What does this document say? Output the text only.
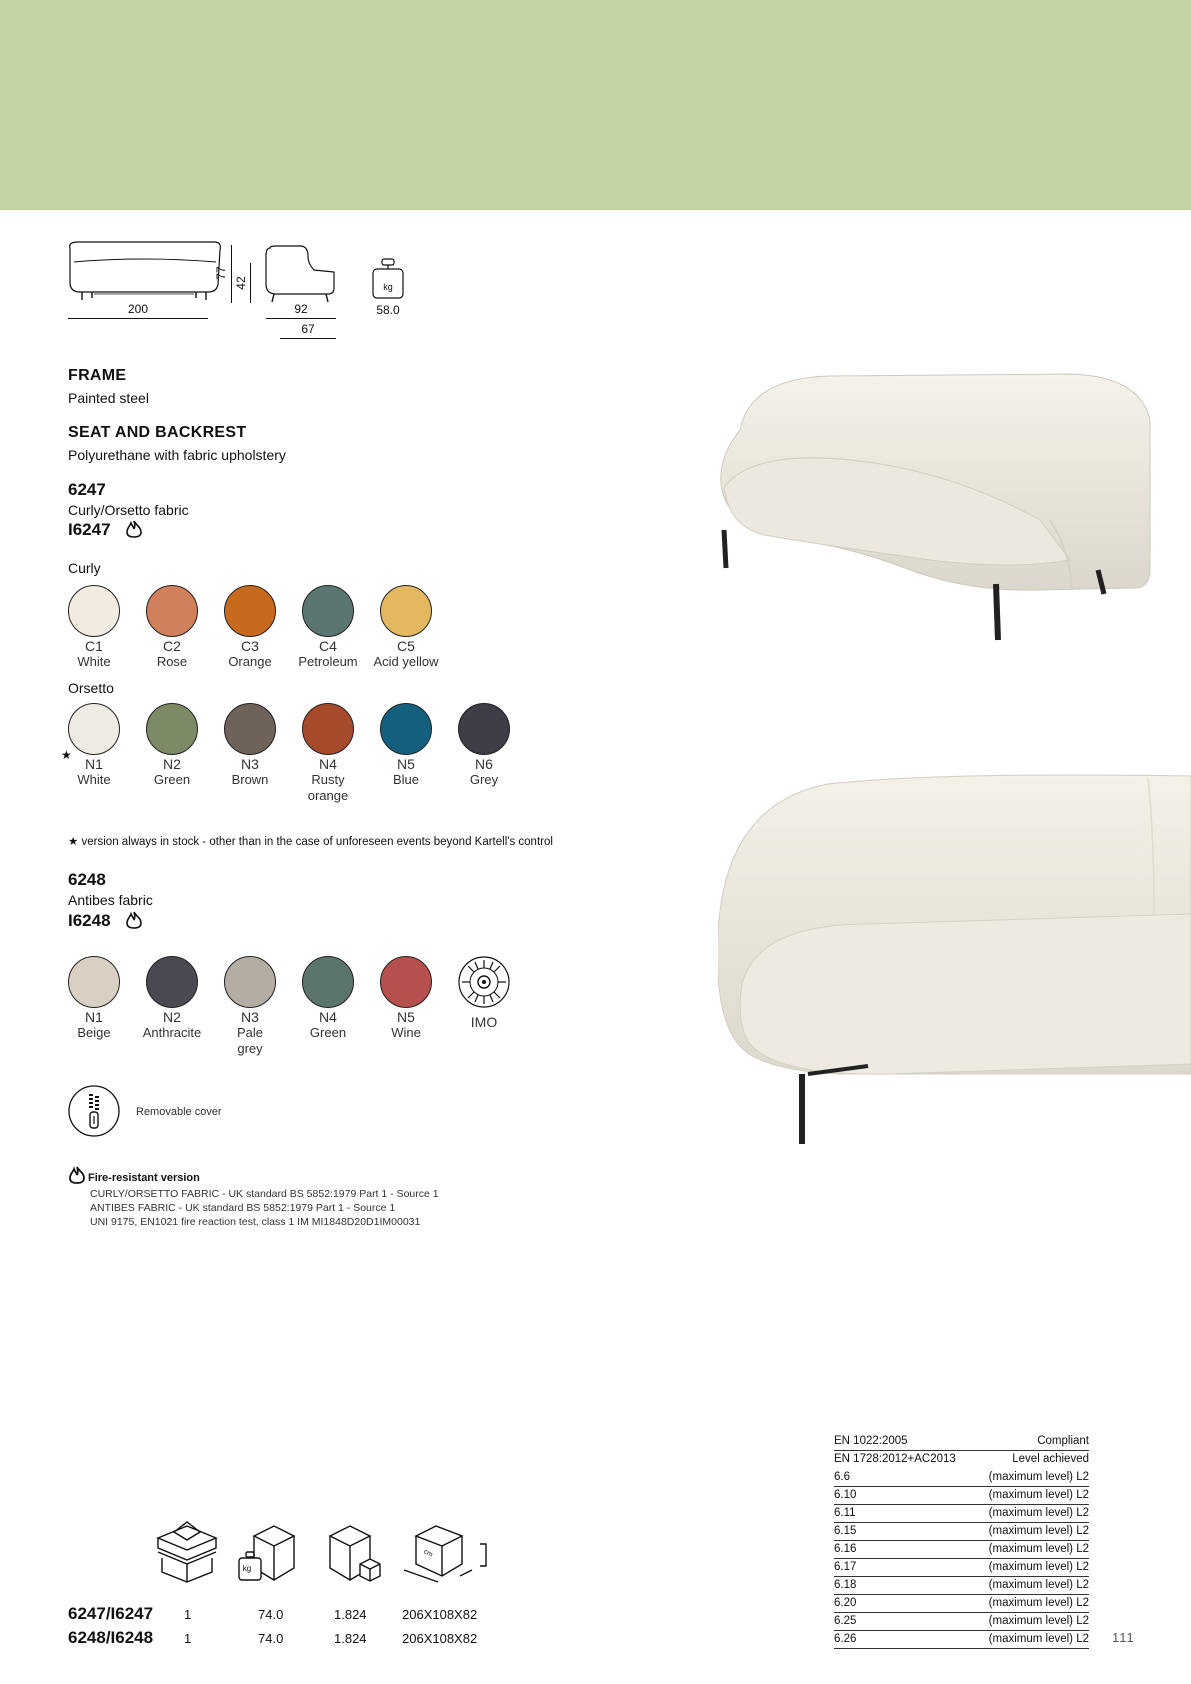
200
77
42
92
67
kg
58.0
FRAME
Painted steel
SEAT AND BACKREST
Polyurethane with fabric upholstery
6247
Curly/Orsetto fabric
I6247
Curly
C1
White
C2
Rose
C3
Orange
C4
Petroleum
C5
Acid yellow
Orsetto
★
N1
White
N2
Green
N3
Brown
N4
Rusty
orange
N5
Blue
N6
Grey
★ version always in stock - other than in the case of unforeseen events beyond Kartell's control
6248
Antibes fabric
I6248
N1
Beige
N2
Anthracite
N3
Pale
grey
N4
Green
N5
Wine
IMO
Removable cover
Fire-resistant version
CURLY/ORSETTO FABRIC - UK standard BS 5852:1979 Part 1 - Source 1
ANTIBES FABRIC - UK standard BS 5852:1979 Part 1 - Source 1
UNI 9175, EN1021 fire reaction test, class 1 IM MI1848D20D1IM00031
EN 1022:2005	Compliant
EN 1728:2012+AC2013	Level achieved
6.6	(maximum level) L2
6.10	(maximum level) L2
6.11	(maximum level) L2
6.15	(maximum level) L2
6.16	(maximum level) L2
6.17	(maximum level) L2
6.18	(maximum level) L2
6.20	(maximum level) L2
6.25	(maximum level) L2
6.26	(maximum level) L2 111
kg
cm
6247/I6247 1	74.0	1.824	206X108X82
6248/I6248 1	74.0	1.824	206X108X82
